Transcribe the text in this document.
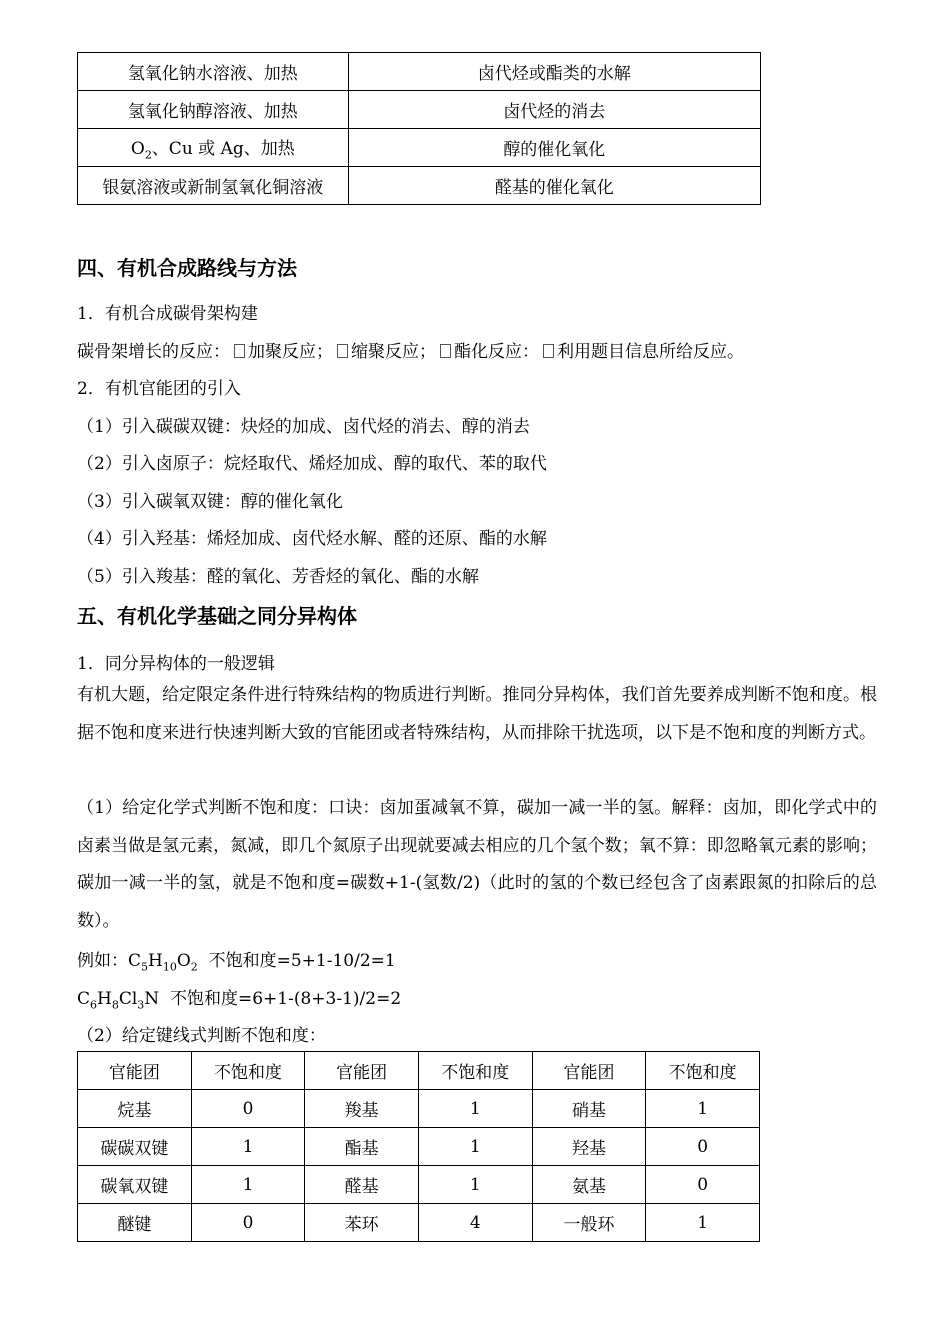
氢氧化钠水溶液、加热	卤代烃或酯类的水解
氢氧化钠醇溶液、加热	卤代烃的消去
$O_2$、Cu 或 Ag、加热	醇的催化氧化
银氨溶液或新制氢氧化铜溶液	醛基的催化氧化
四、有机合成路线与方法
1．有机合成碳骨架构建
碳骨架增长的反应： 加聚反应； 缩聚反应； 酯化反应： 利用题目信息所给反应。
2．有机官能团的引入
（1）引入碳碳双键：炔烃的加成、卤代烃的消去、醇的消去
（2）引入卤原子：烷烃取代、烯烃加成、醇的取代、苯的取代
（3）引入碳氧双键：醇的催化氧化
（4）引入羟基：烯烃加成、卤代烃水解、醛的还原、酯的水解
（5）引入羧基：醛的氧化、芳香烃的氧化、酯的水解
五、有机化学基础之同分异构体
1．同分异构体的一般逻辑
有机大题，给定限定条件进行特殊结构的物质进行判断。推同分异构体，我们首先要养成判断不饱和度。根据不饱和度来进行快速判断大致的官能团或者特殊结构，从而排除干扰选项，以下是不饱和度的判断方式。
（1）给定化学式判断不饱和度：口诀：卤加蛋减氧不算，碳加一减一半的氢。解释：卤加，即化学式中的卤素当做是氢元素，氮减，即几个氮原子出现就要减去相应的几个氢个数；氧不算：即忽略氧元素的影响；碳加一减一半的氢，就是不饱和度=碳数+1-(氢数/2)（此时的氢的个数已经包含了卤素跟氮的扣除后的总数）。
例如：$C_5H_{10}O_2$ 不饱和度=5+1-10/2=1
$C_6H_8Cl_3N$ 不饱和度=6+1-(8+3-1)/2=2
（2）给定键线式判断不饱和度：
官能团	不饱和度	官能团	不饱和度	官能团	不饱和度
烷基	0	羧基	1	硝基	1
碳碳双键	1	酯基	1	羟基	0
碳氧双键	1	醛基	1	氨基	0
醚键	0	苯环	4	一般环	1
